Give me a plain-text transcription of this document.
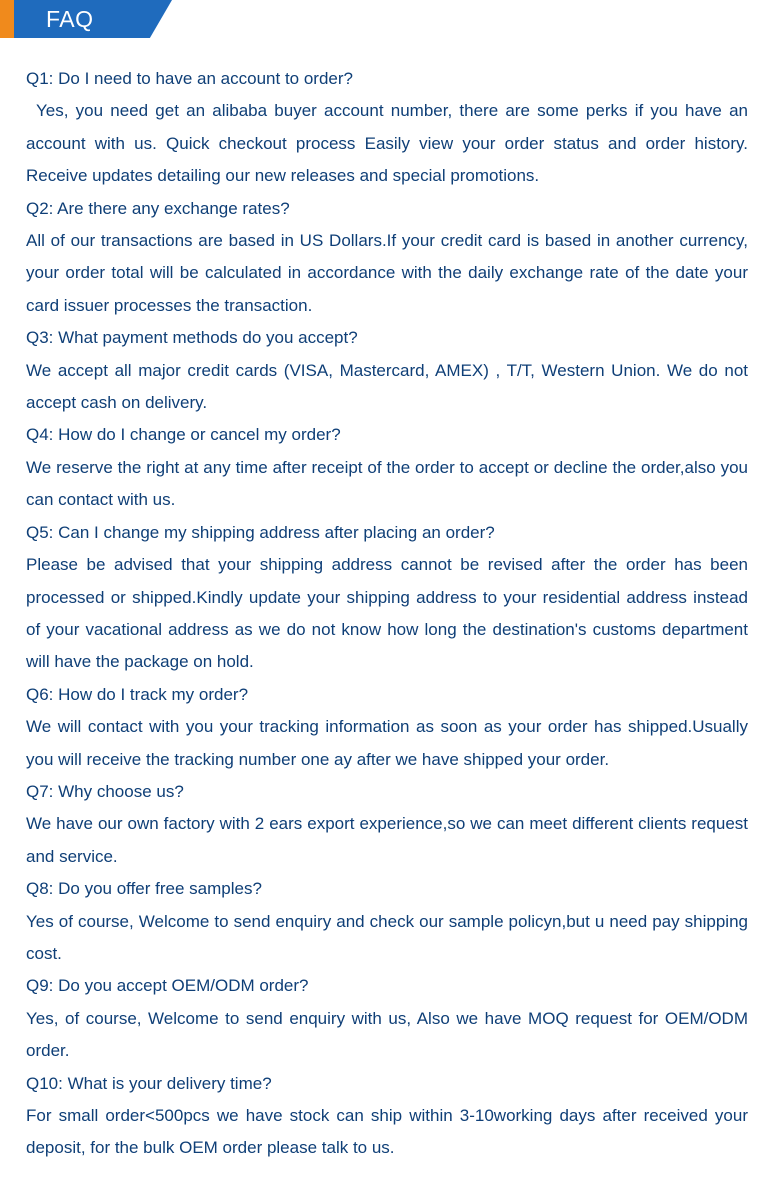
FAQ

Q1: Do I need to have an account to order?

Yes, you need get an alibaba buyer account number, there are some perks if you have an account with us. Quick checkout process Easily view your order status and order history. Receive updates detailing our new releases and special promotions.

Q2: Are there any exchange rates?

All of our transactions are based in US Dollars.If your credit card is based in another currency, your order total will be calculated in accordance with the daily exchange rate of the date your card issuer processes the transaction.

Q3: What payment methods do you accept?

We accept all major credit cards (VISA, Mastercard, AMEX) , T/T, Western Union. We do not accept cash on delivery.

Q4: How do I change or cancel my order?

We reserve the right at any time after receipt of the order to accept or decline the order,also you can contact with us.

Q5: Can I change my shipping address after placing an order?

Please be advised that your shipping address cannot be revised after the order has been processed or shipped.Kindly update your shipping address to your residential address instead of your vacational address as we do not know how long the destination's customs department will have the package on hold.

Q6: How do I track my order?

We will contact with you your tracking information as soon as your order has shipped.Usually you will receive the tracking number one ay after we have shipped your order.

Q7: Why choose us?

We have our own factory with 2 ears export experience,so we can meet different clients request and service.

Q8: Do you offer free samples?

Yes of course, Welcome to send enquiry and check our sample policyn,but u need pay shipping cost.

Q9: Do you accept OEM/ODM order?

Yes, of course, Welcome to send enquiry with us, Also we have MOQ request for OEM/ODM order.

Q10: What is your delivery time?

For small order<500pcs we have stock can ship within 3-10working days after received your deposit, for the bulk OEM order please talk to us.
